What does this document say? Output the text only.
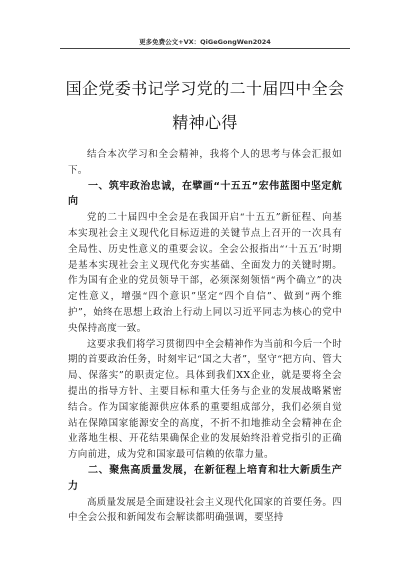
更多免费公文+VX：QiGeGongWen2024
国企党委书记学习党的二十届四中全会精神心得

结合本次学习和全会精神，我将个人的思考与体会汇报如下。

一、筑牢政治忠诚，在擘画“十五五”宏伟蓝图中坚定航向

党的二十届四中全会是在我国开启“十五五”新征程、向基本实现社会主义现代化目标迈进的关键节点上召开的一次具有全局性、历史性意义的重要会议。全会公报指出“‘十五五’时期是基本实现社会主义现代化夯实基础、全面发力的关键时期。作为国有企业的党员领导干部，必须深刻领悟“两个确立”的决定性意义，增强“四个意识”坚定“四个自信”、做到“两个维护”，始终在思想上政治上行动上同以习近平同志为核心的党中央保持高度一致。

这要求我们将学习贯彻四中全会精神作为当前和今后一个时期的首要政治任务，时刻牢记“国之大者”，坚守“把方向、管大局、保落实”的职责定位。具体到我们XX企业，就是要将全会提出的指导方针、主要目标和重大任务与企业的发展战略紧密结合。作为国家能源供应体系的重要组成部分，我们必须自觉站在保障国家能源安全的高度，不折不扣地推动全会精神在企业落地生根、开花结果确保企业的发展始终沿着党指引的正确方向前进，成为党和国家最可信赖的依靠力量。

二、聚焦高质量发展，在新征程上培育和壮大新质生产力

高质量发展是全面建设社会主义现代化国家的首要任务。四中全会公报和新闻发布会解读都明确强调，要坚持
